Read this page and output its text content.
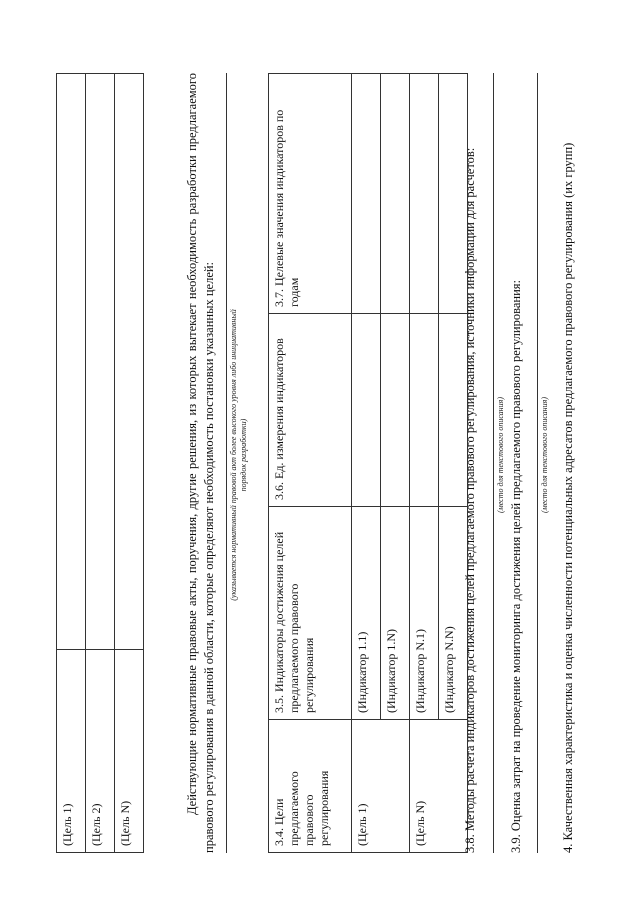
(Цель 1)	
(Цель 2)	
(Цель N)	
Действующие нормативные правовые акты, поручения, другие решения, из которых вытекает необходимость разработки предлагаемого правового регулирования в данной области, которые определяют необходимость постановки указанных целей: (указывается нормативный правовой акт более высокого уровня либо инициативный порядок разработки)
3.4. Цели предлагаемого правового регулирования	3.5. Индикаторы достижения целей предлагаемого правового регулирования	3.6. Ед. измерения индикаторов	3.7. Целевые значения индикаторов по годам
(Цель 1)	(Индикатор 1.1)		
	(Индикатор 1.N)		
(Цель N)	(Индикатор N.1)		
	(Индикатор N.N)		3.8. Методы расчета индикаторов достижения целей предлагаемого правового регулирования, источники информации для расчетов: (место для текстового описания) 3.9. Оценка затрат на проведение мониторинга достижения целей предлагаемого правового регулирования: (место для текстового описания) 4. Качественная характеристика и оценка численности потенциальных адресатов предлагаемого правового регулирования (их групп)
